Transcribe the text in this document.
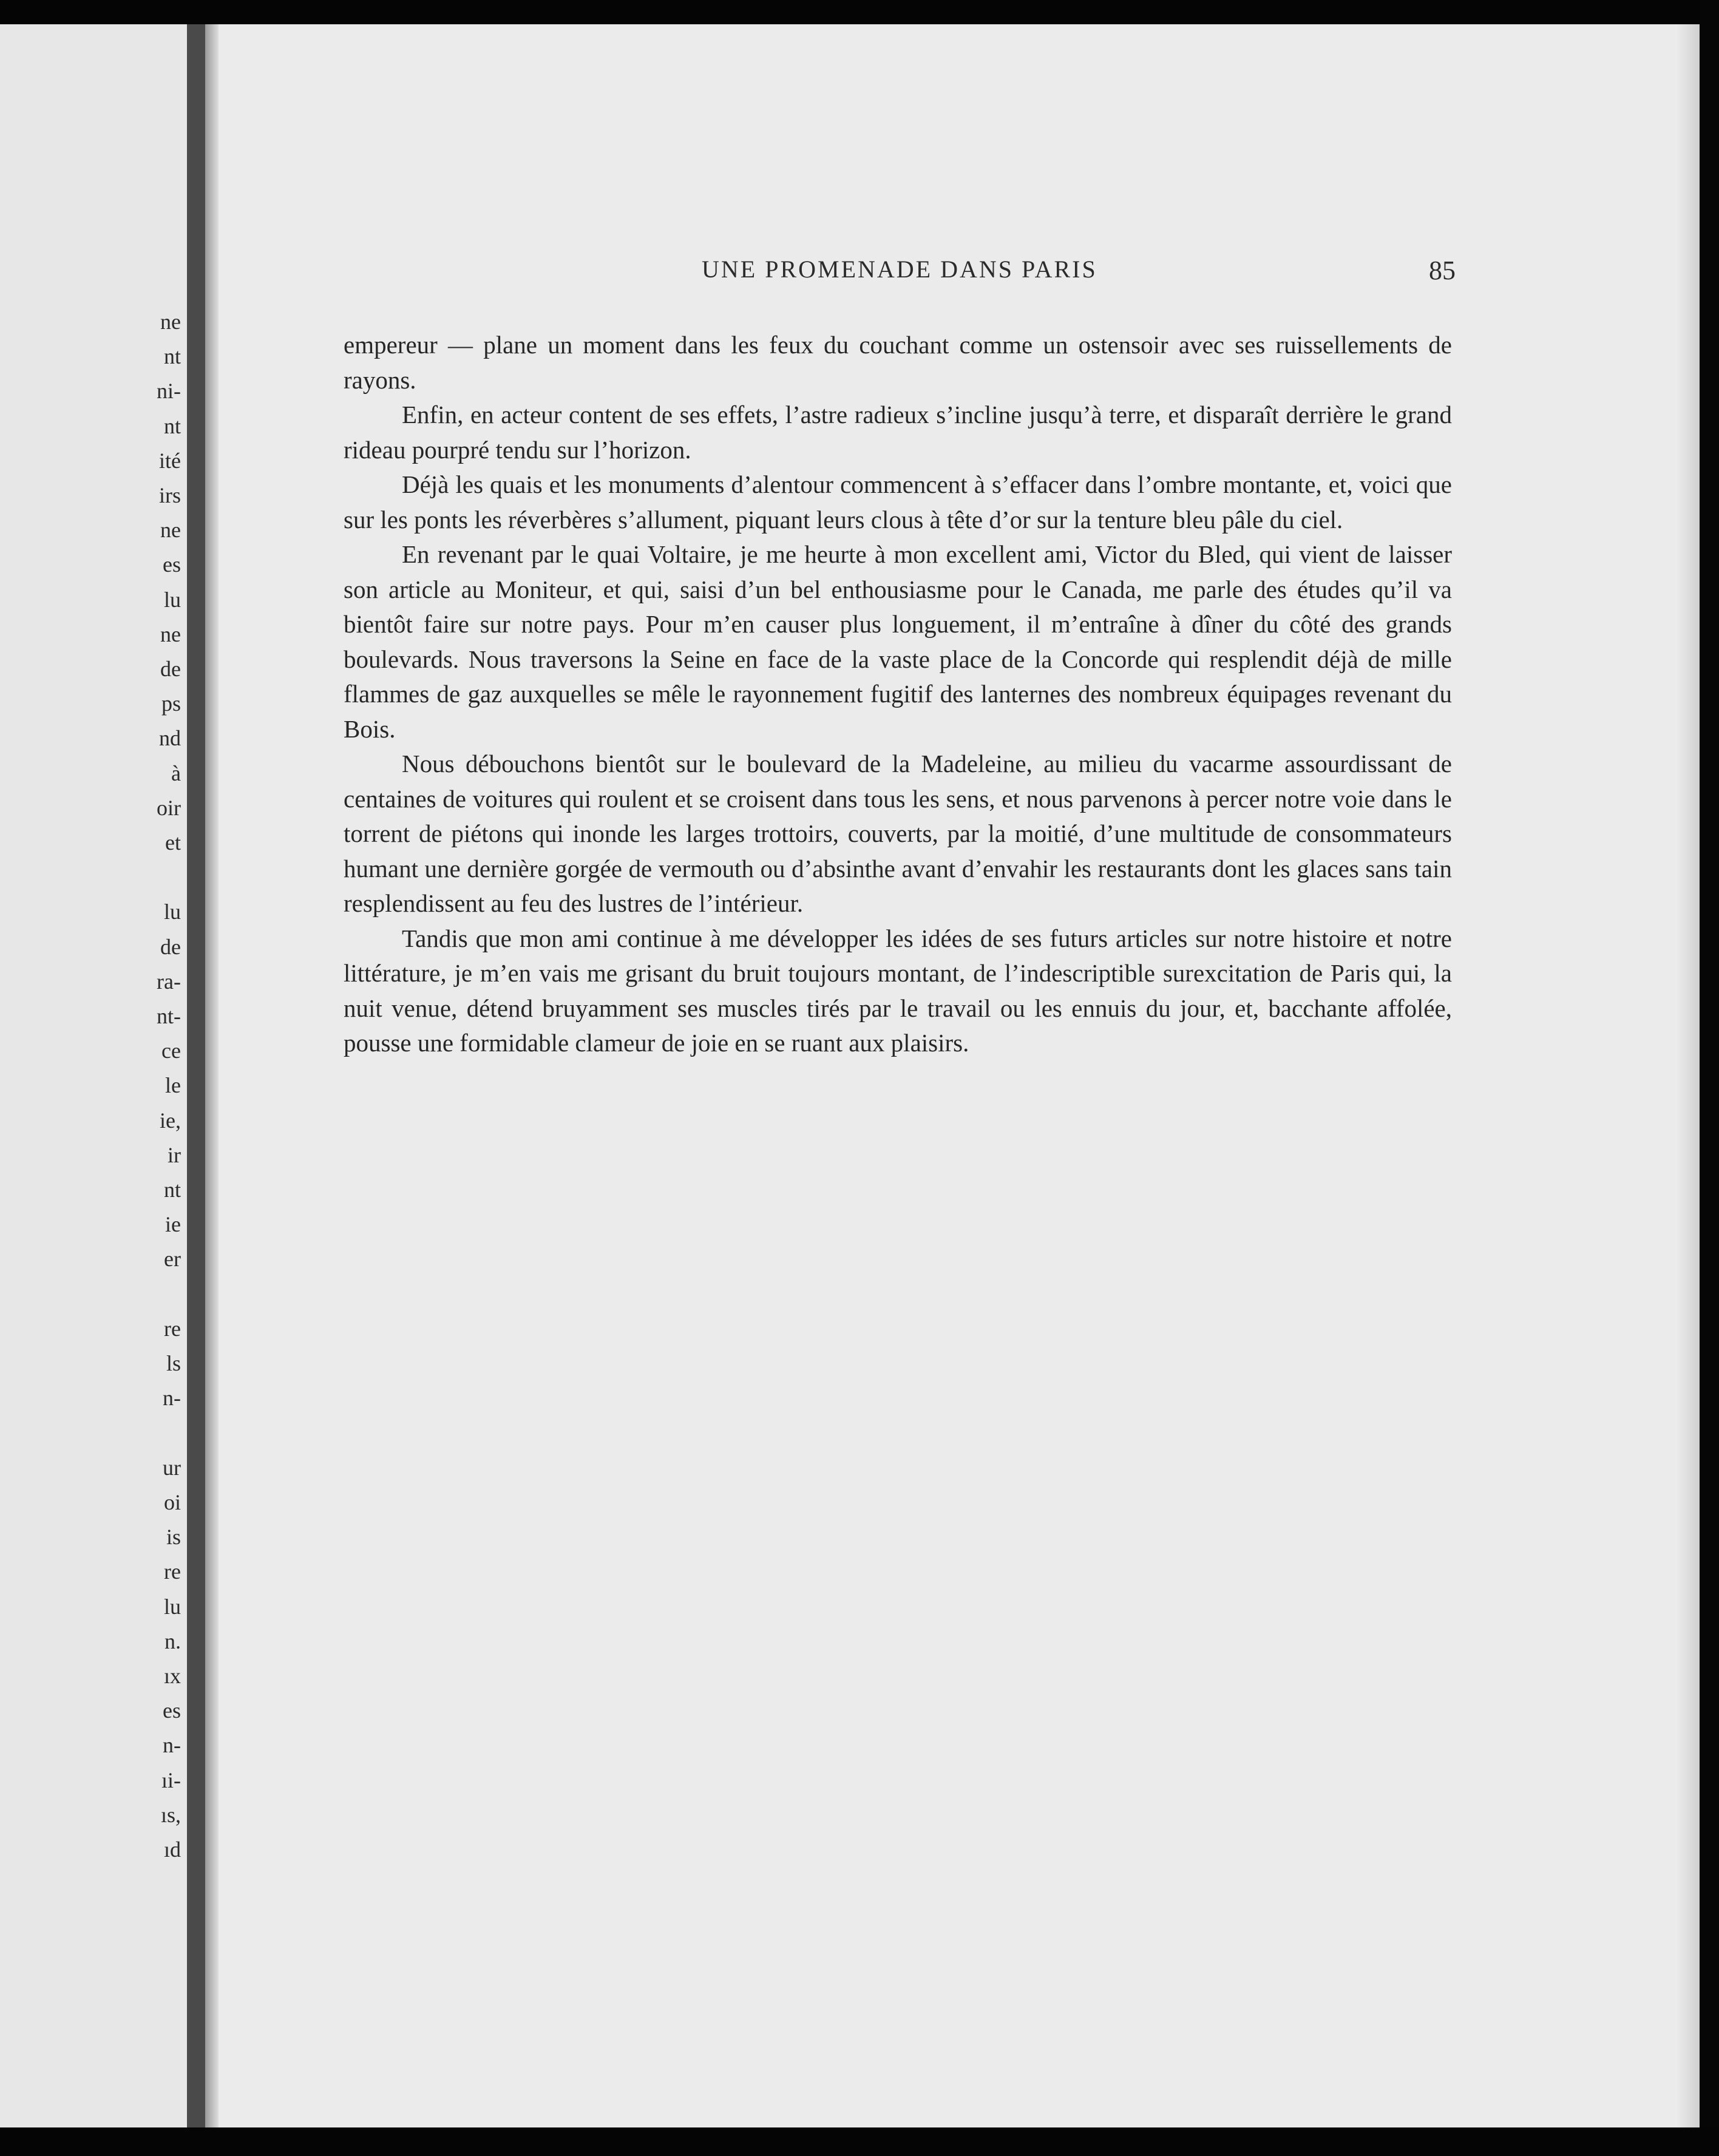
ne
nt
ni-
nt
ité
irs
ne
es
lu
ne
de
ps
nd
à
oir
et

lu
de
ra-
nt-
ce
le
ie,
ir
nt
ie
er

re
ls
n-

ur
oi
is
re
lu
n.
ıx
es
n-
ıi-
ıs,
ıd
UNE PROMENADE DANS PARIS	85

empereur — plane un moment dans les feux du couchant comme un ostensoir avec ses ruissellements de rayons.

Enfin, en acteur content de ses effets, l’astre radieux s’incline jusqu’à terre, et disparaît derrière le grand rideau pourpré tendu sur l’horizon.

Déjà les quais et les monuments d’alentour commencent à s’effacer dans l’ombre montante, et, voici que sur les ponts les réverbères s’allument, piquant leurs clous à tête d’or sur la tenture bleu pâle du ciel.

En revenant par le quai Voltaire, je me heurte à mon excellent ami, Victor du Bled, qui vient de laisser son article au Moniteur, et qui, saisi d’un bel enthousiasme pour le Canada, me parle des études qu’il va bientôt faire sur notre pays. Pour m’en causer plus longuement, il m’entraîne à dîner du côté des grands boulevards. Nous traversons la Seine en face de la vaste place de la Concorde qui resplendit déjà de mille flammes de gaz auxquelles se mêle le rayonnement fugitif des lanternes des nombreux équipages revenant du Bois.

Nous débouchons bientôt sur le boulevard de la Madeleine, au milieu du vacarme assourdissant de centaines de voitures qui roulent et se croisent dans tous les sens, et nous parvenons à percer notre voie dans le torrent de piétons qui inonde les larges trottoirs, couverts, par la moitié, d’une multitude de consommateurs humant une dernière gorgée de vermouth ou d’absinthe avant d’envahir les restaurants dont les glaces sans tain resplendissent au feu des lustres de l’intérieur.

Tandis que mon ami continue à me développer les idées de ses futurs articles sur notre histoire et notre littérature, je m’en vais me grisant du bruit toujours montant, de l’indescriptible surexcitation de Paris qui, la nuit venue, détend bruyamment ses muscles tirés par le travail ou les ennuis du jour, et, bacchante affolée, pousse une formidable clameur de joie en se ruant aux plaisirs.
